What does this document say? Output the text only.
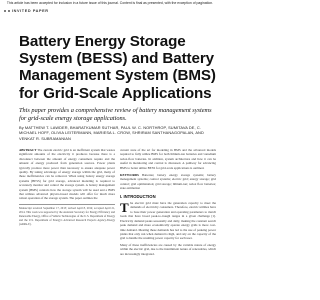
This article has been accepted for inclusion in a future issue of this journal. Content is final as presented, with the exception of pagination.
INVITED PAPER
Battery Energy Storage System (BESS) and Battery Management System (BMS) for Grid-Scale Applications
This paper provides a comprehensive review of battery management systems for grid-scale energy storage applications.
By MATTHEW T. LAWDER, BHARATKUMAR SUTHAR, PAUL W. C. NORTHROP, SUMITAVA DE, C. MICHAEL HOFF, OLIVIA LEITERMANN, MARIESA L. CROW, SHRIRAM SANTHANAGOPALAN, AND VENKAT R. SUBRAMANIAN
ABSTRACT The current electric grid is an inefficient system that wastes significant amounts of the electricity it produces because there is a disconnect between the amount of energy consumers require and the amount of energy produced from generation sources. Power plants typically produce more power than necessary to ensure adequate power quality. By taking advantage of energy storage within the grid, many of these inefficiencies can be removed. When using battery energy storage systems (BESS) for grid storage, advanced modeling is required to accurately monitor and control the storage system. A battery management system (BMS) controls how the storage system will be used and a BMS that utilizes advanced physics-based models will offer for much more robust operation of the storage system. The paper outlines the
Manuscript received September 17, 2013; revised April 8, 2014; accepted April 21, 2014. This work was supported by the Assistant Secretary for Energy Efficiency and Renewable Energy, Office of Vehicle Technologies of the U.S. Department of Energy and the U.S. Department of Energy's Advanced Research Projects Agency-Energy (ARPA-E).
current state of the art for modeling in BMS and the advanced models required to fully utilize BMS for both lithium-ion batteries and vanadium redox-flow batteries. In addition, system architecture and how it can be useful in monitoring and control is discussed. A pathway for advancing BMS to better utilize BESS for grid-scale applications is outlined.
KEYWORDS Batteries; battery energy storage systems; battery management systems; control systems; electric grid; energy storage; grid control; grid optimization; grid storage; lithium-ion; redox flow batteries; state estimation
I. INTRODUCTION
The electric grid must have the generation capacity to meet the demands of electricity consumers. Therefore, electric utilities have to base their power generation and operating parameters to match loads that have broad peak-to-trough ranges in a given challenge [1]. Electricity demand peaks seasonally and daily, making the constant search peak demand and more economically operate energy grids is more cost-time demand. Meeting these demands has led to the use of peaking power plants that only run when demand is high, and rely on the capacity of the grid to handle the resulting power capacity for each user.
Many of these inefficiencies are caused by the variable nature of energy within the electric grid, due to the intermittent nature of renewables, which are increasingly integrated.
